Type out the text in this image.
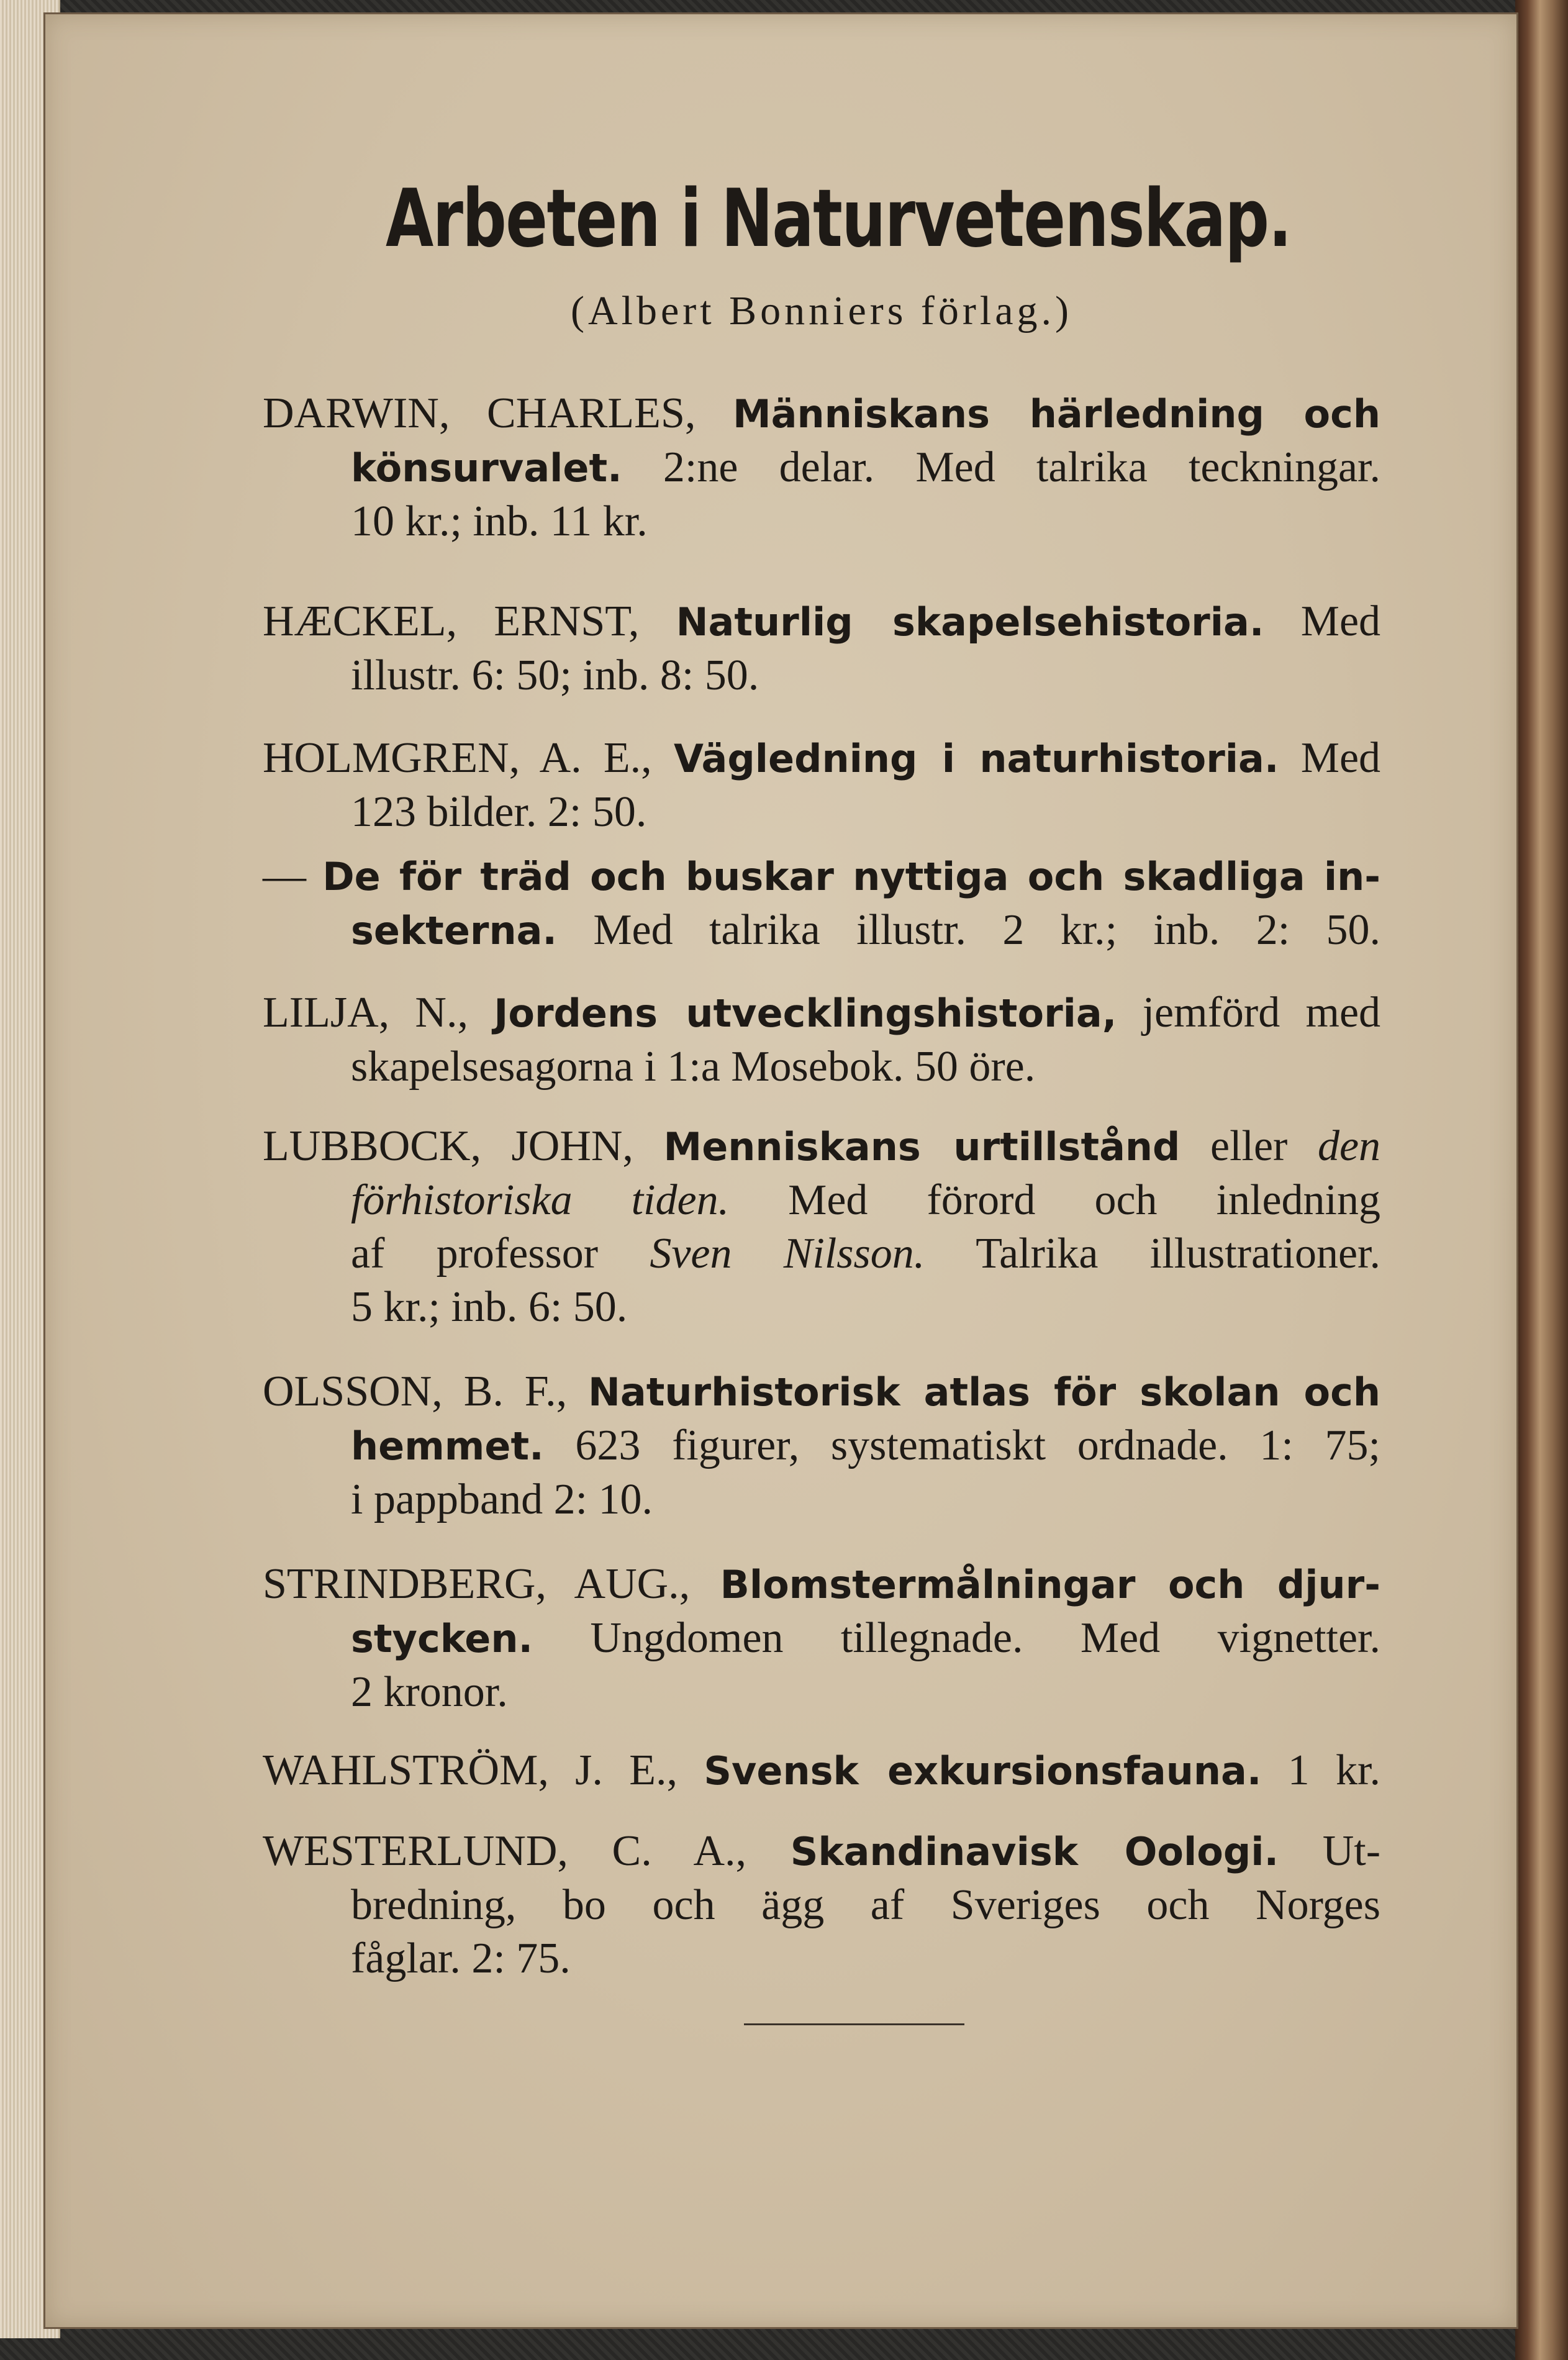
Arbeten i Naturvetenskap.
(Albert Bonniers förlag.)
DARWIN, CHARLES, Människans härledning och
könsurvalet. 2:ne delar. Med talrika teckningar.
10 kr.; inb. 11 kr.
HÆCKEL, ERNST, Naturlig skapelsehistoria. Med
illustr. 6: 50; inb. 8: 50.
HOLMGREN, A. E., Vägledning i naturhistoria. Med
123 bilder. 2: 50.
— De för träd och buskar nyttiga och skadliga in-
sekterna. Med talrika illustr. 2 kr.; inb. 2: 50.
LILJA, N., Jordens utvecklingshistoria, jemförd med
skapelsesagorna i 1:a Mosebok. 50 öre.
LUBBOCK, JOHN, Menniskans urtillstånd eller den
förhistoriska tiden. Med förord och inledning
af professor Sven Nilsson. Talrika illustrationer.
5 kr.; inb. 6: 50.
OLSSON, B. F., Naturhistorisk atlas för skolan och
hemmet. 623 figurer, systematiskt ordnade. 1: 75;
i pappband 2: 10.
STRINDBERG, AUG., Blomstermålningar och djur-
stycken. Ungdomen tillegnade. Med vignetter.
2 kronor.
WAHLSTRÖM, J. E., Svensk exkursionsfauna. 1 kr.
WESTERLUND, C. A., Skandinavisk Oologi. Ut-
bredning, bo och ägg af Sveriges och Norges
fåglar. 2: 75.
